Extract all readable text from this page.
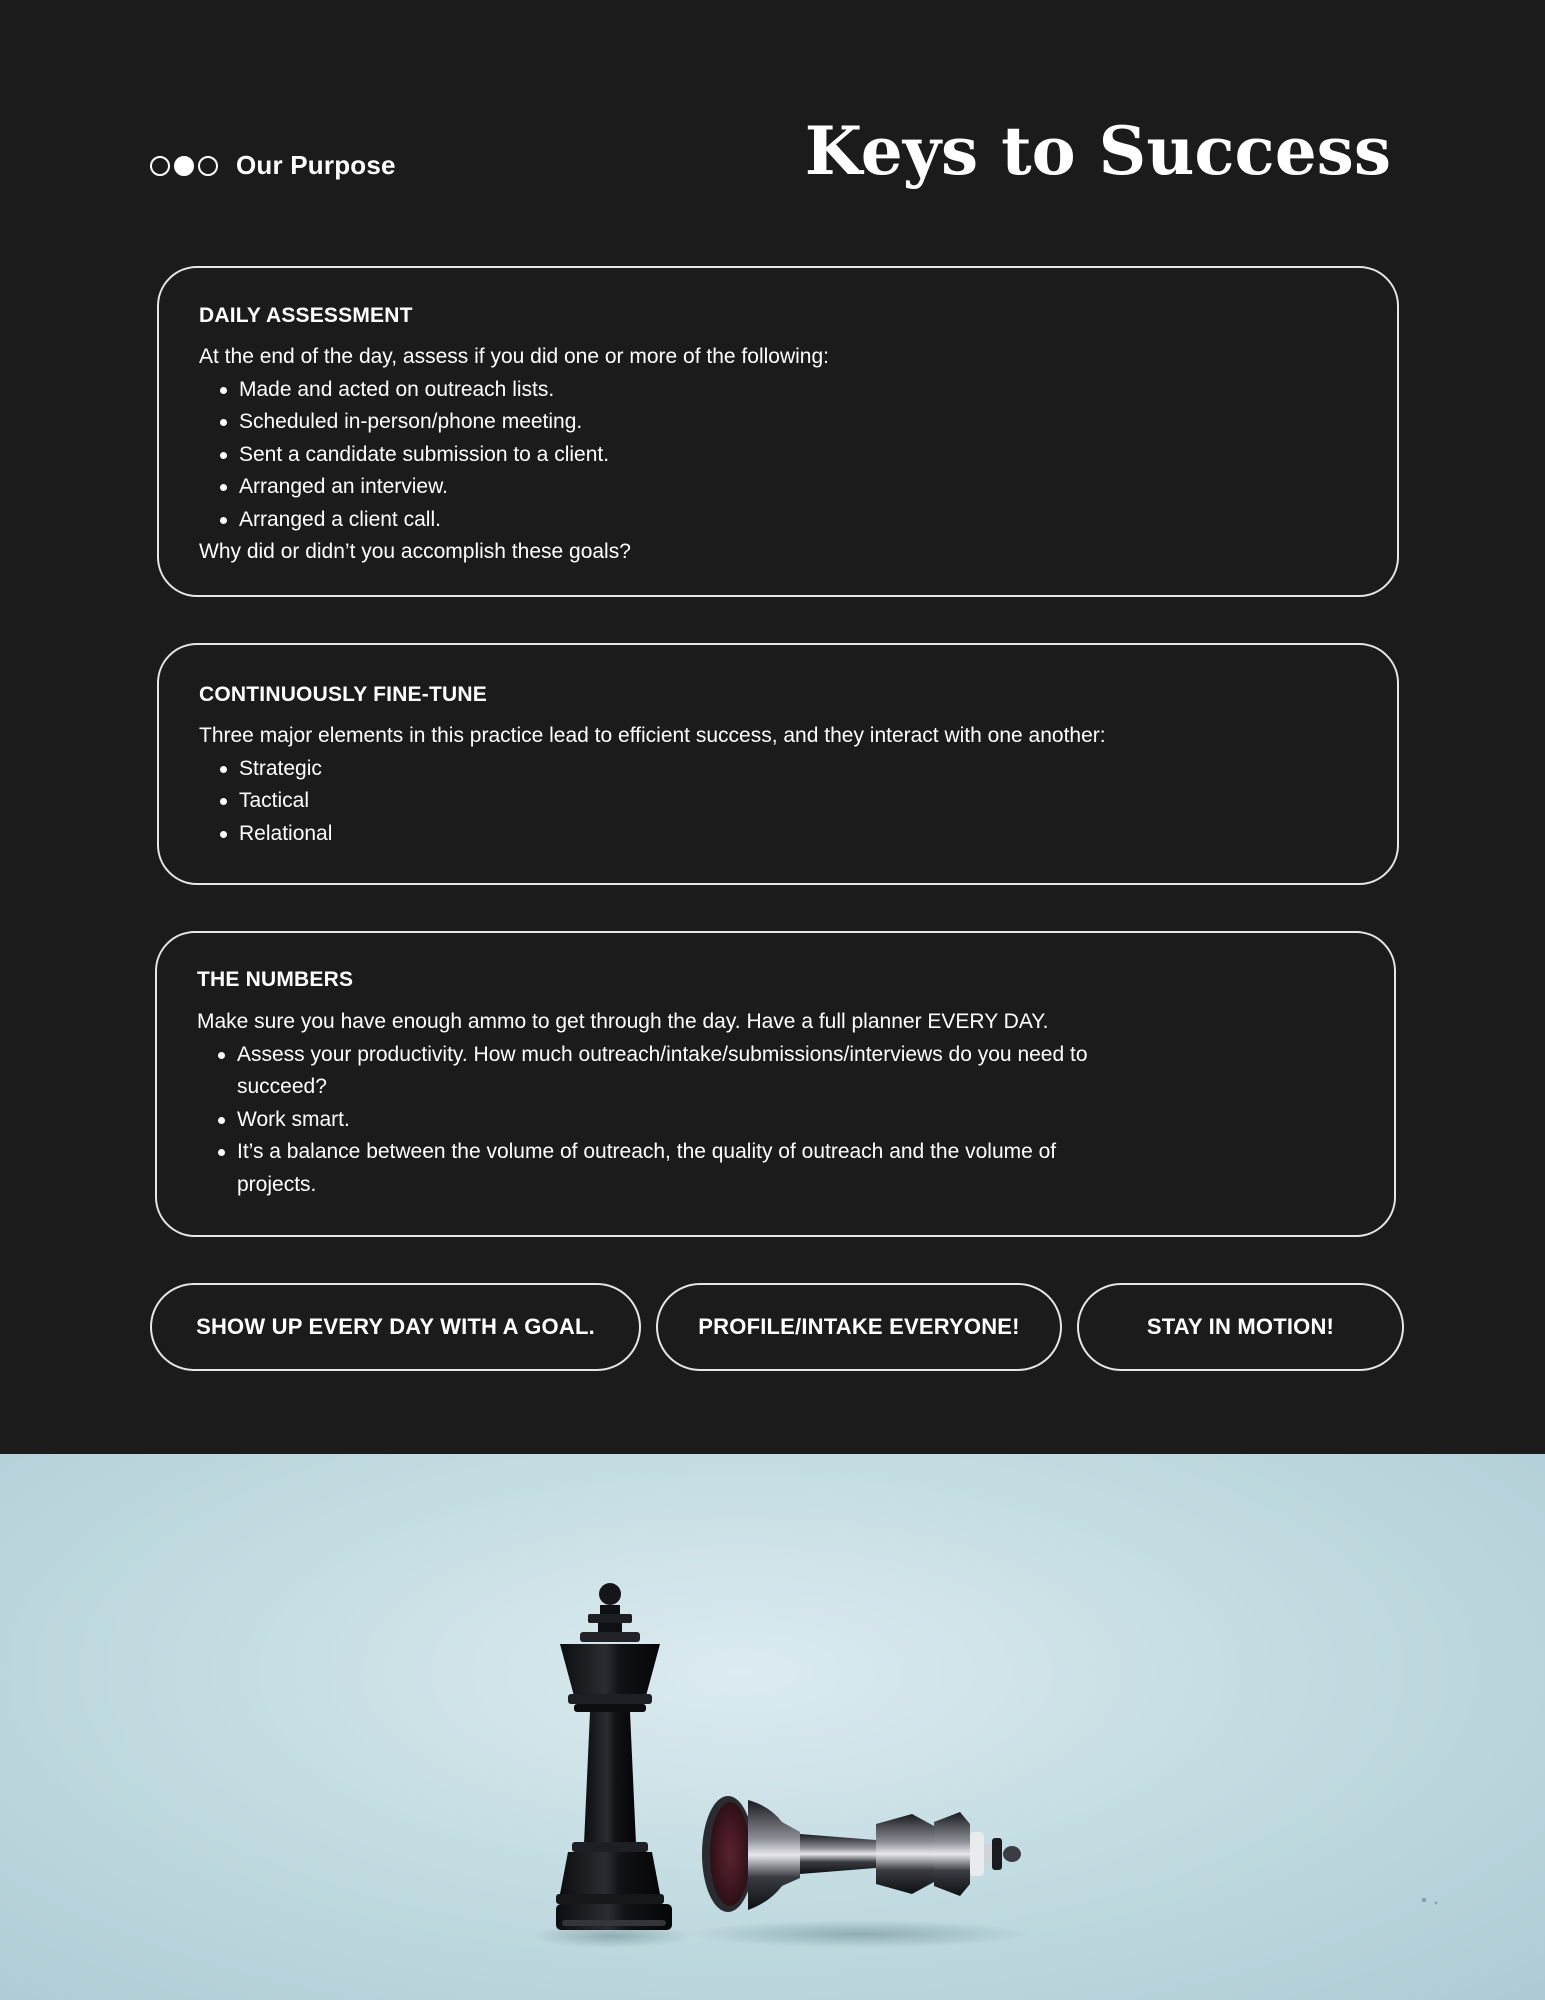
Our Purpose	Keys to Success
DAILY ASSESSMENT

At the end of the day, assess if you did one or more of the following:

Made and acted on outreach lists.
Scheduled in-person/phone meeting.
Sent a candidate submission to a client.
Arranged an interview.
Arranged a client call.

Why did or didn’t you accomplish these goals?

CONTINUOUSLY FINE-TUNE

Three major elements in this practice lead to efficient success, and they interact with one another:

Strategic
Tactical
Relational
THE NUMBERS

Make sure you have enough ammo to get through the day. Have a full planner EVERY DAY.

Assess your productivity. How much outreach/intake/submissions/interviews do you need to succeed?
Work smart.
It’s a balance between the volume of outreach, the quality of outreach and the volume of projects.
SHOW UP EVERY DAY WITH A GOAL.	PROFILE/INTAKE EVERYONE!	STAY IN MOTION!
